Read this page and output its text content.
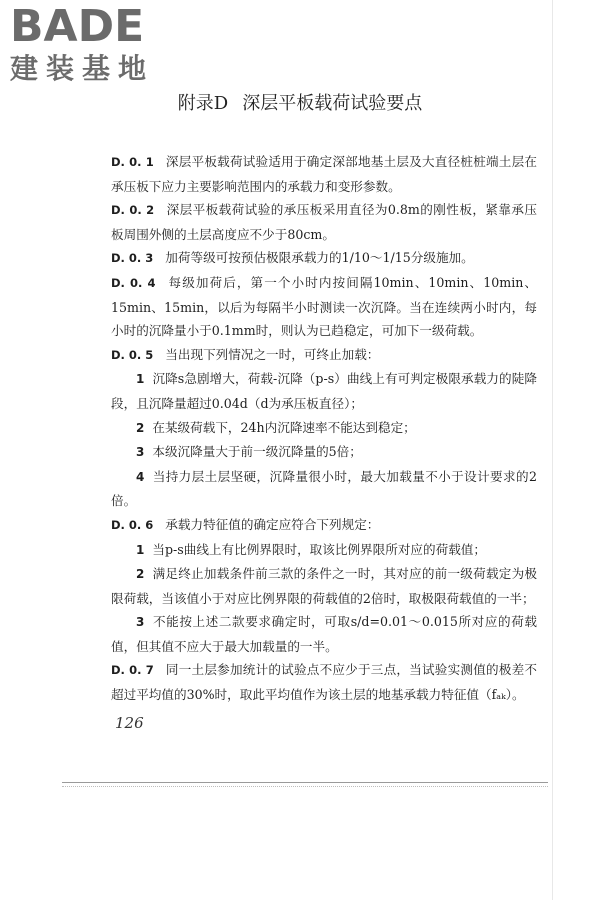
BADE
建装基地
附录D 深层平板载荷试验要点

D. 0. 1 深层平板载荷试验适用于确定深部地基土层及大直径桩桩端土层在承压板下应力主要影响范围内的承载力和变形参数。

D. 0. 2 深层平板载荷试验的承压板采用直径为0.8m的刚性板，紧靠承压板周围外侧的土层高度应不少于80cm。

D. 0. 3 加荷等级可按预估极限承载力的1/10～1/15分级施加。

D. 0. 4 每级加荷后，第一个小时内按间隔10min、10min、10min、15min、15min，以后为每隔半小时测读一次沉降。当在连续两小时内，每小时的沉降量小于0.1mm时，则认为已趋稳定，可加下一级荷载。

D. 0. 5 当出现下列情况之一时，可终止加载：

1 沉降s急剧增大，荷载-沉降（p-s）曲线上有可判定极限承载力的陡降段，且沉降量超过0.04d（d为承压板直径）；

2 在某级荷载下，24h内沉降速率不能达到稳定；

3 本级沉降量大于前一级沉降量的5倍；

4 当持力层土层坚硬，沉降量很小时，最大加载量不小于设计要求的2倍。

D. 0. 6 承载力特征值的确定应符合下列规定：

1 当p-s曲线上有比例界限时，取该比例界限所对应的荷载值；

2 满足终止加载条件前三款的条件之一时，其对应的前一级荷载定为极限荷载，当该值小于对应比例界限的荷载值的2倍时，取极限荷载值的一半；

3 不能按上述二款要求确定时，可取s/d=0.01～0.015所对应的荷载值，但其值不应大于最大加载量的一半。

D. 0. 7 同一土层参加统计的试验点不应少于三点，当试验实测值的极差不超过平均值的30%时，取此平均值作为该土层的地基承载力特征值（fₐₖ）。

126
